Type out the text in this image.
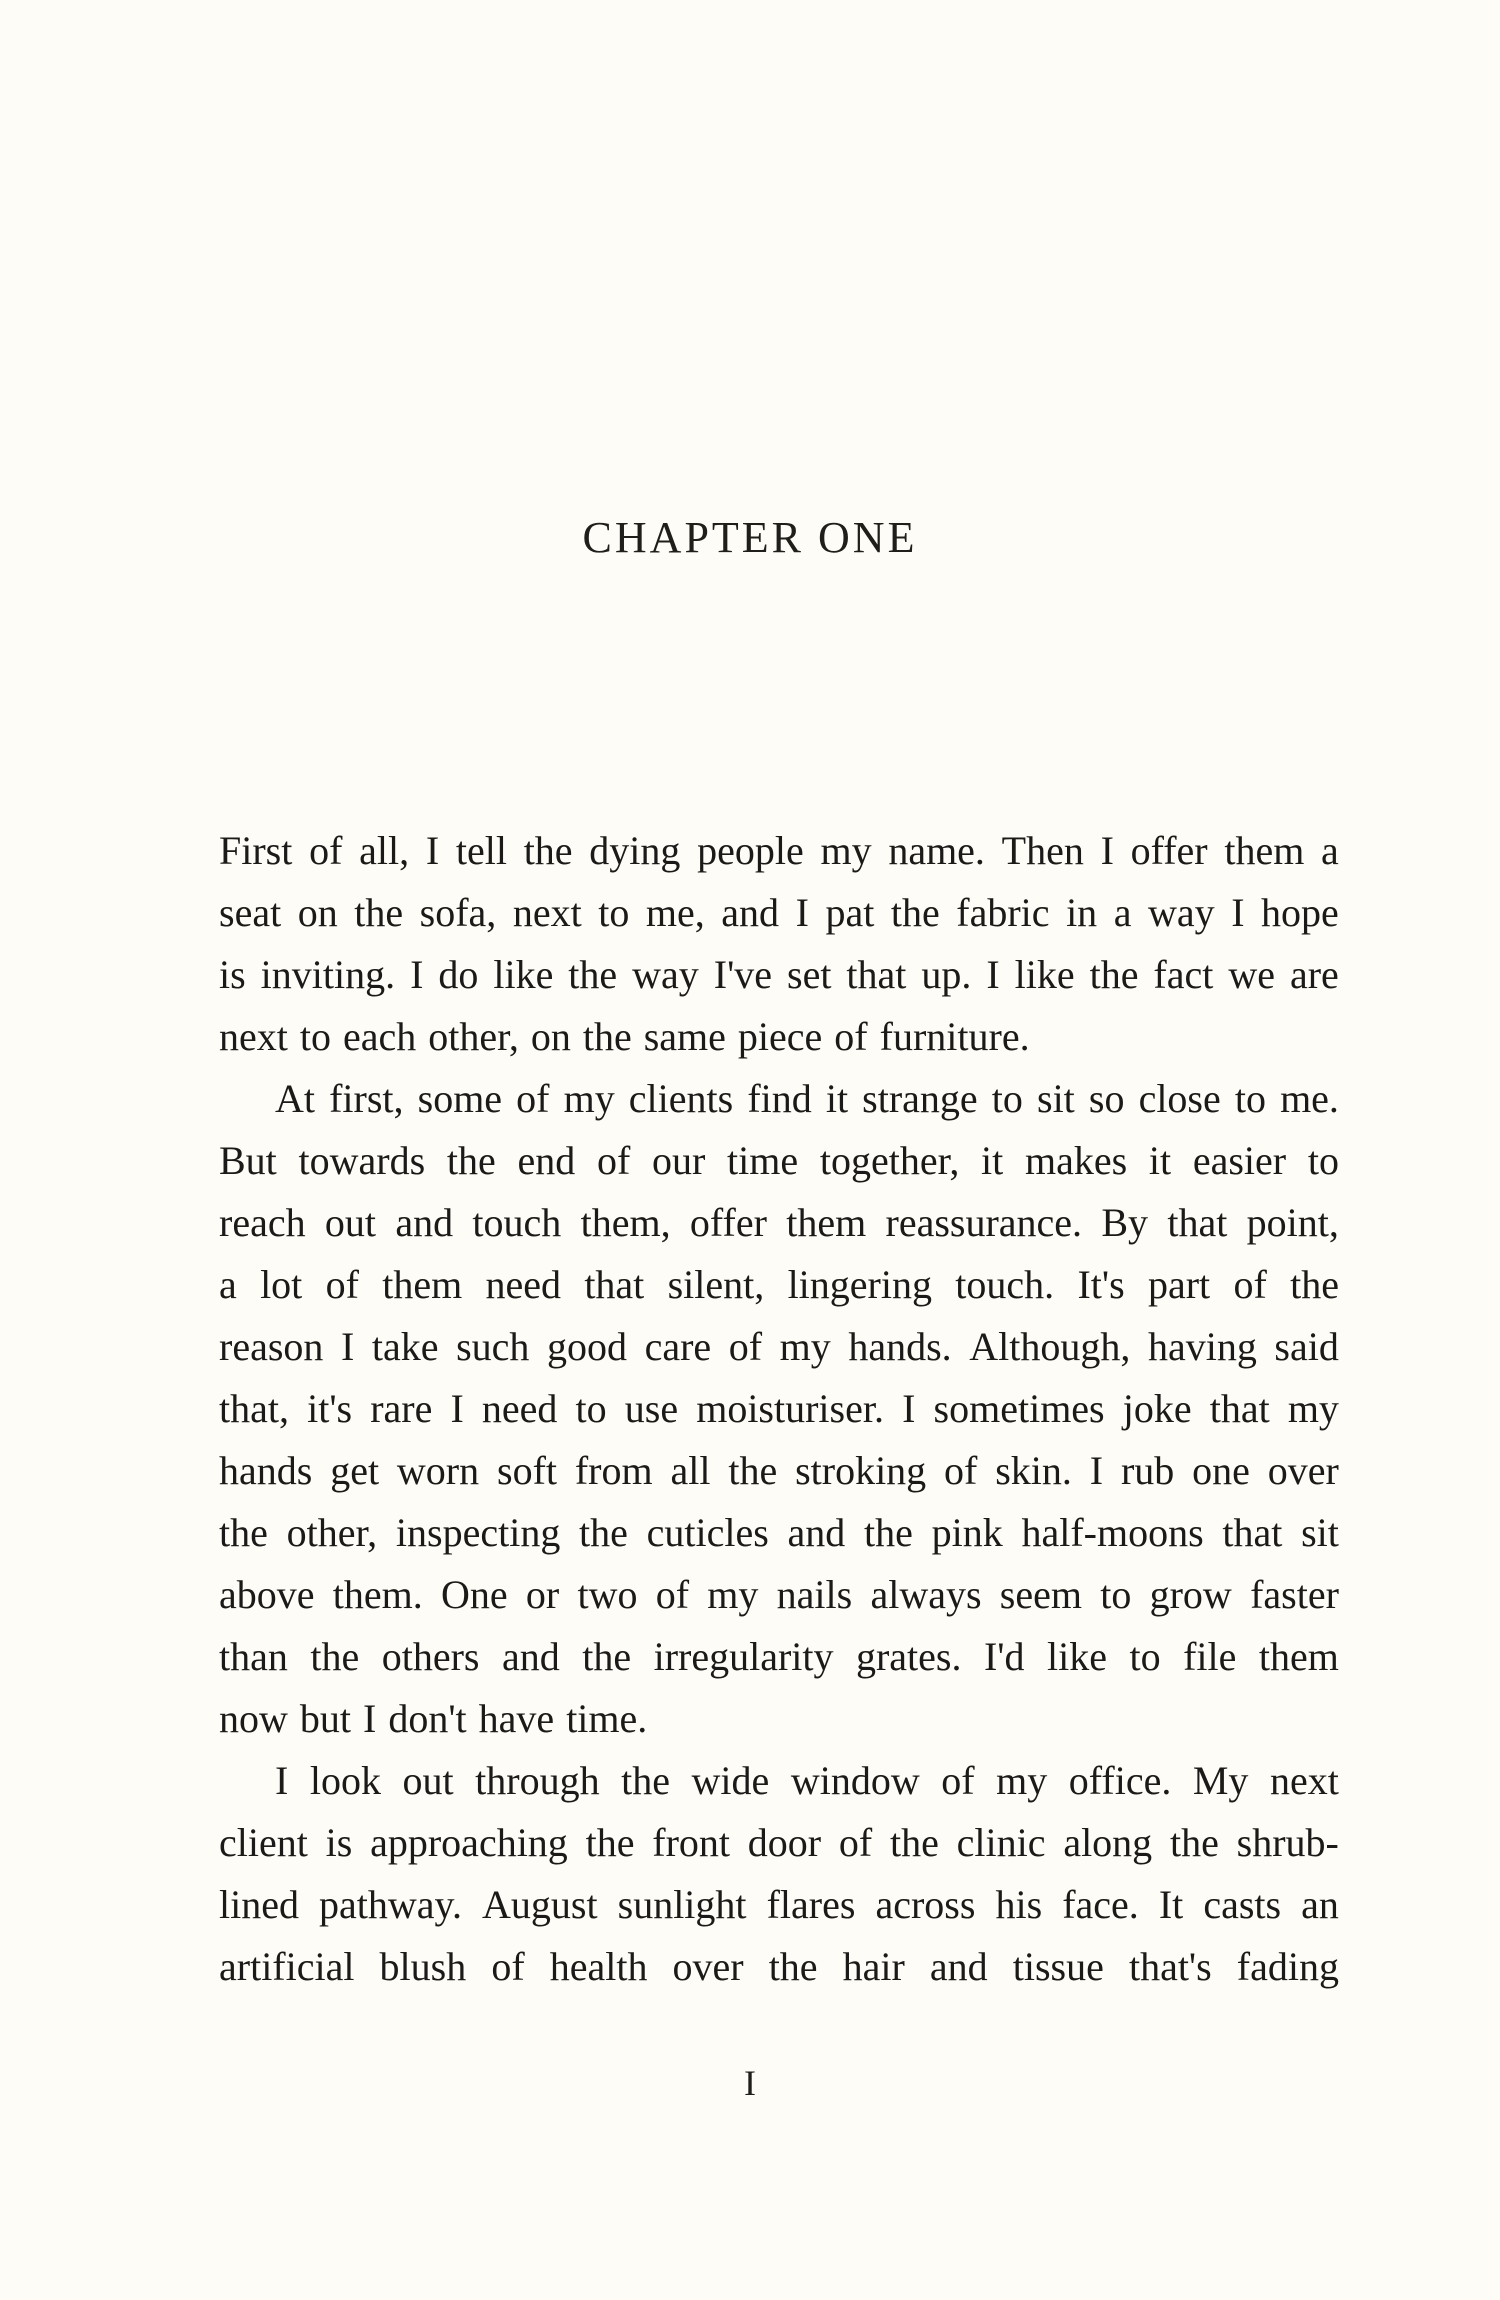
CHAPTER ONE
First of all, I tell the dying people my name. Then I offer them a
seat on the sofa, next to me, and I pat the fabric in a way I hope
is inviting. I do like the way I've set that up. I like the fact we are
next to each other, on the same piece of furniture.
At first, some of my clients find it strange to sit so close to me.
But towards the end of our time together, it makes it easier to
reach out and touch them, offer them reassurance. By that point,
a lot of them need that silent, lingering touch. It's part of the
reason I take such good care of my hands. Although, having said
that, it's rare I need to use moisturiser. I sometimes joke that my
hands get worn soft from all the stroking of skin. I rub one over
the other, inspecting the cuticles and the pink half-moons that sit
above them. One or two of my nails always seem to grow faster
than the others and the irregularity grates. I'd like to file them
now but I don't have time.
I look out through the wide window of my office. My next
client is approaching the front door of the clinic along the shrub-
lined pathway. August sunlight flares across his face. It casts an
artificial blush of health over the hair and tissue that's fading
I
